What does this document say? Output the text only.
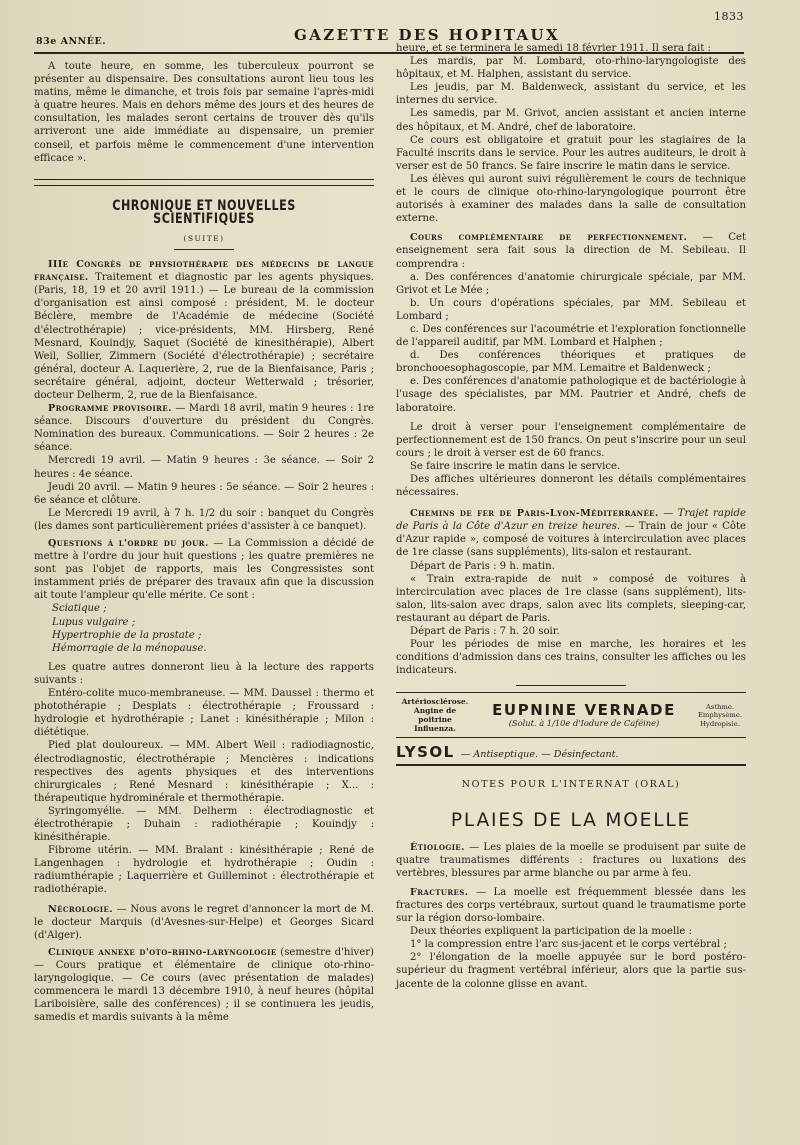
1833
83e ANNÉE.	GAZETTE DES HOPITAUX

A toute heure, en somme, les tuberculeux pourront se présenter au dispensaire. Des consultations auront lieu tous les matins, même le dimanche, et trois fois par semaine l'après-midi à quatre heures. Mais en dehors même des jours et des heures de consultation, les malades seront certains de trouver dès qu'ils arriveront une aide immédiate au dispensaire, un premier conseil, et parfois même le commencement d'une intervention efficace ».

CHRONIQUE ET NOUVELLES SCIENTIFIQUES

(SUITE)

IIIe Congrès de physiothérapie des médecins de langue française. Traitement et diagnostic par les agents physiques. (Paris, 18, 19 et 20 avril 1911.) — Le bureau de la commission d'organisation est ainsi composé : président, M. le docteur Béclère, membre de l'Académie de médecine (Société d'électrothérapie) ; vice-présidents, MM. Hirsberg, René Mesnard, Kouindjy, Saquet (Société de kinesithérapie), Albert Weil, Sollier, Zimmern (Société d'électrothérapie) ; secrétaire général, docteur A. Laquerière, 2, rue de la Bienfaisance, Paris ; secrétaire général, adjoint, docteur Wetterwald ; trésorier, docteur Delherm, 2, rue de la Bienfaisance.

Programme provisoire. — Mardi 18 avril, matin 9 heures : 1re séance. Discours d'ouverture du président du Congrès. Nomination des bureaux. Communications. — Soir 2 heures : 2e séance.

Mercredi 19 avril. — Matin 9 heures : 3e séance. — Soir 2 heures : 4e séance.

Jeudi 20 avril. — Matin 9 heures : 5e séance. — Soir 2 heures : 6e séance et clôture.

Le Mercredi 19 avril, à 7 h. 1/2 du soir : banquet du Congrès (les dames sont particulièrement priées d'assister à ce banquet).

Questions à l'ordre du jour. — La Commission a décidé de mettre à l'ordre du jour huit questions ; les quatre premières ne sont pas l'objet de rapports, mais les Congressistes sont instamment priés de préparer des travaux afin que la discussion ait toute l'ampleur qu'elle mérite. Ce sont :

Sciatique ;

Lupus vulgaire ;

Hypertrophie de la prostate ;

Hémorragie de la ménopause.

Les quatre autres donneront lieu à la lecture des rapports suivants :

Entéro-colite muco-membraneuse. — MM. Daussel : thermo et photothérapie ; Desplats : électrothérapie ; Froussard : hydrologie et hydrothérapie ; Lanet : kinésithérapie ; Milon : diététique.

Pied plat douloureux. — MM. Albert Weil : radiodiagnostic, électrodiagnostic, électrothérapie ; Mencières : indications respectives des agents physiques et des interventions chirurgicales ; René Mesnard : kinésithérapie ; X... : thérapeutique hydrominérale et thermothérapie.

Syringomyélie. — MM. Delherm : électrodiagnostic et électrothérapie ; Duhain : radiothérapie ; Kouindjy : kinésithérapie.

Fibrome utérin. — MM. Bralant : kinésithérapie ; René de Langenhagen : hydrologie et hydrothérapie ; Oudin : radiumthérapie ; Laquerrière et Guilleminot : électrothérapie et radiothérapie.

Nécrologie. — Nous avons le regret d'annoncer la mort de M. le docteur Marquis (d'Avesnes-sur-Helpe) et Georges Sicard (d'Alger).

Clinique annexe d'oto-rhino-laryngologie (semestre d'hiver) — Cours pratique et élémentaire de clinique oto-rhino-laryngologique. — Ce cours (avec présentation de malades) commencera le mardi 13 décembre 1910, à neuf heures (hôpital Lariboisière, salle des conférences) ; il se continuera les jeudis, samedis et mardis suivants à la même

heure, et se terminera le samedi 18 février 1911. Il sera fait :

Les mardis, par M. Lombard, oto-rhino-laryngologiste des hôpitaux, et M. Halphen, assistant du service.

Les jeudis, par M. Baldenweck, assistant du service, et les internes du service.

Les samedis, par M. Grivot, ancien assistant et ancien interne des hôpitaux, et M. André, chef de laboratoire.

Ce cours est obligatoire et gratuit pour les stagiaires de la Faculté inscrits dans le service. Pour les autres auditeurs, le droit à verser est de 50 francs. Se faire inscrire le matin dans le service.

Les élèves qui auront suivi régulièrement le cours de technique et le cours de clinique oto-rhino-laryngologique pourront être autorisés à examiner des malades dans la salle de consultation externe.

Cours complémentaire de perfectionnement. — Cet enseignement sera fait sous la direction de M. Sebileau. Il comprendra :

a. Des conférences d'anatomie chirurgicale spéciale, par MM. Grivot et Le Mée ;

b. Un cours d'opérations spéciales, par MM. Sebileau et Lombard ;

c. Des conférences sur l'acoumétrie et l'exploration fonctionnelle de l'appareil auditif, par MM. Lombard et Halphen ;

d. Des conférences théoriques et pratiques de bronchooesophagoscopie, par MM. Lemaitre et Baldenweck ;

e. Des conférences d'anatomie pathologique et de bactériologie à l'usage des spécialistes, par MM. Pautrier et André, chefs de laboratoire.

Le droit à verser pour l'enseignement complémentaire de perfectionnement est de 150 francs. On peut s'inscrire pour un seul cours ; le droit à verser est de 60 francs.

Se faire inscrire le matin dans le service.

Des affiches ultérieures donneront les détails complémentaires nécessaires.

Chemins de fer de Paris-Lyon-Méditerranée. — Trajet rapide de Paris à la Côte d'Azur en treize heures. — Train de jour « Côte d'Azur rapide », composé de voitures à intercirculation avec places de 1re classe (sans suppléments), lits-salon et restaurant.

Départ de Paris : 9 h. matin.

« Train extra-rapide de nuit » composé de voitures à intercirculation avec places de 1re classe (sans supplément), lits-salon, lits-salon avec draps, salon avec lits complets, sleeping-car, restaurant au départ de Paris.

Départ de Paris : 7 h. 20 soir.

Pour les périodes de mise en marche, les horaires et les conditions d'admission dans ces trains, consulter les affiches ou les indicateurs.

Artériosclérose.
Angine de poitrine
Influenza.
EUPNINE VERNADE
(Solut. à 1/10e d'Iodure de Caféine)
Asthme.
Emphysème.
Hydropisie.
LYSOL — Antiseptique. — Désinfectant.

NOTES POUR L'INTERNAT (ORAL)

PLAIES DE LA MOELLE

Étiologie. — Les plaies de la moelle se produisent par suite de quatre traumatismes différents : fractures ou luxations des vertèbres, blessures par arme blanche ou par arme à feu.

Fractures. — La moelle est fréquemment blessée dans les fractures des corps vertébraux, surtout quand le traumatisme porte sur la région dorso-lombaire.

Deux théories expliquent la participation de la moelle :

1° la compression entre l'arc sus-jacent et le corps vertébral ;

2° l'élongation de la moelle appuyée sur le bord postéro-supérieur du fragment vertébral inférieur, alors que la partie sus-jacente de la colonne glisse en avant.
